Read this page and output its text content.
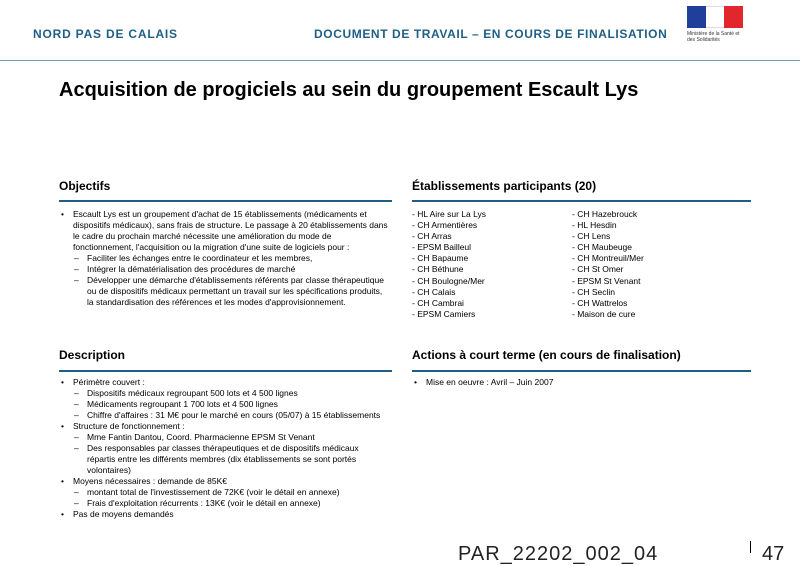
NORD PAS DE CALAIS	DOCUMENT DE TRAVAIL – EN COURS DE FINALISATION	Ministère de la Santé et des Solidarités
Acquisition de progiciels au sein du groupement Escault Lys
Objectifs
• Escault Lys est un groupement d'achat de 15 établissements (médicaments et dispositifs médicaux), sans frais de structure. Le passage à 20 établissements dans le cadre du prochain marché nécessite une amélioration du mode de fonctionnement, l'acquisition ou la migration d'une suite de logiciels pour :
– Faciliter les échanges entre le coordinateur et les membres,
– Intégrer la dématérialisation des procédures de marché
– Développer une démarche d'établissements référents par classe thérapeutique ou de dispositifs médicaux permettant un travail sur les spécifications produits, la standardisation des références et les modes d'approvisionnement.
Établissements participants (20)
- HL Aire sur La Lys
- CH Armentières
- CH Arras
- EPSM Bailleul
- CH Bapaume
- CH Béthune
- CH Boulogne/Mer
- CH Calais
- CH Cambrai
- EPSM Camiers
- CH Hazebrouck
- HL Hesdin
- CH Lens
- CH Maubeuge
- CH Montreuil/Mer
- CH St Omer
- EPSM St Venant
- CH Seclin
- CH Wattrelos
- Maison de cure
Description
• Périmètre couvert :
– Dispositifs médicaux regroupant 500 lots et 4 500 lignes
– Médicaments regroupant 1 700 lots et 4 500 lignes
– Chiffre d'affaires : 31 M€ pour le marché en cours (05/07) à 15 établissements
• Structure de fonctionnement :
– Mme Fantin Dantou, Coord. Pharmacienne EPSM St Venant
– Des responsables par classes thérapeutiques et de dispositifs médicaux répartis entre les différents membres (dix établissements se sont portés volontaires)
• Moyens nécessaires : demande de 85K€
– montant total de l'investissement de 72K€ (voir le détail en annexe)
– Frais d'exploitation récurrents : 13K€ (voir le détail en annexe)
• Pas de moyens demandés
Actions à court terme (en cours de finalisation)
• Mise en oeuvre : Avril – Juin 2007
PAR_22202_002_04	47
